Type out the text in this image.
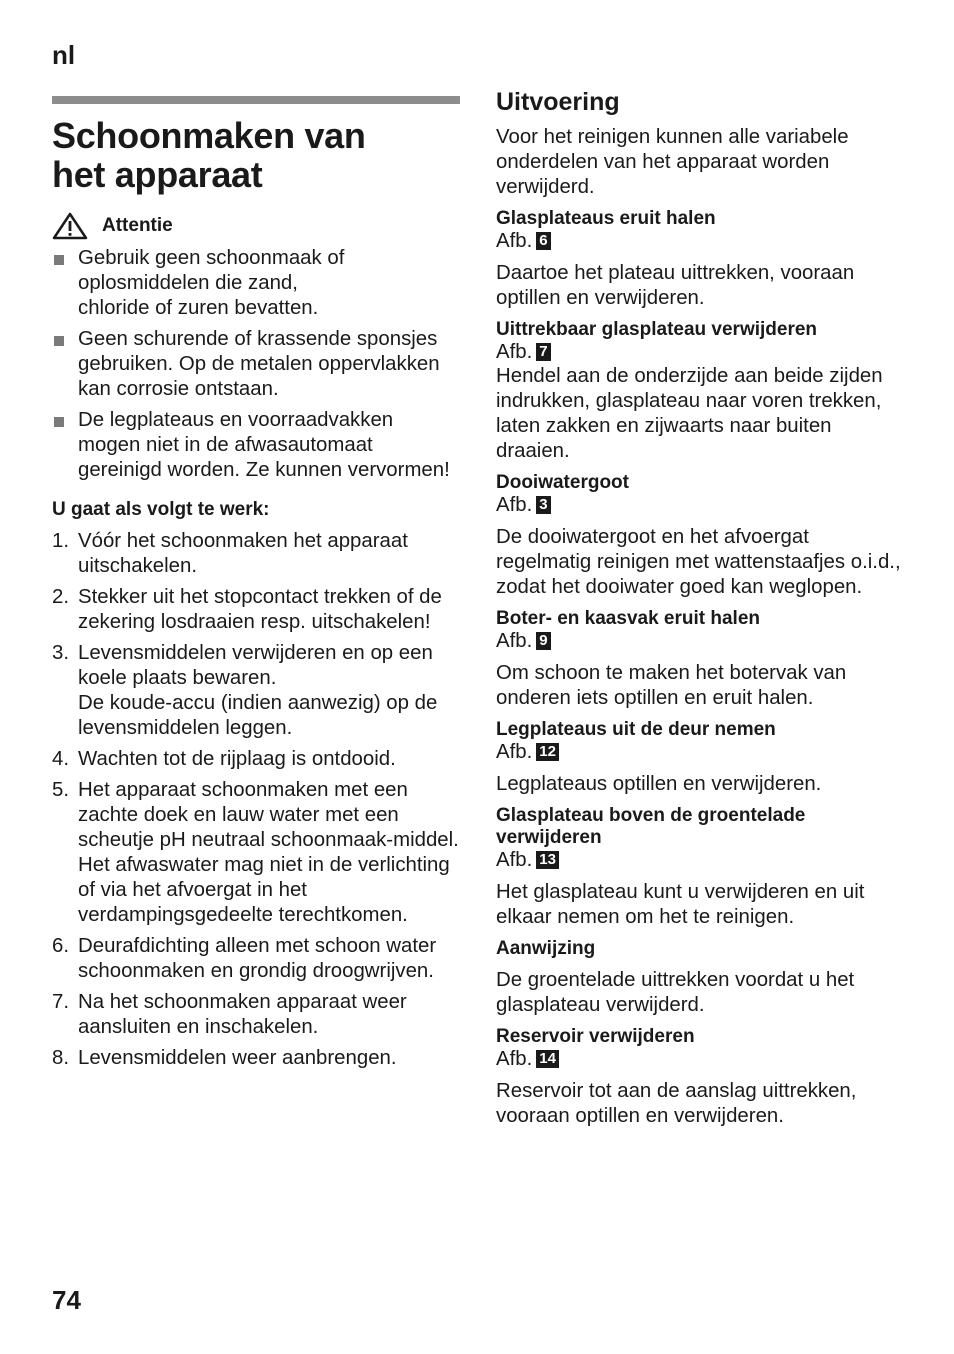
nl
Schoonmaken van
het apparaat
Attentie
Gebruik geen schoonmaak of
oplosmiddelen die zand,
chloride of zuren bevatten.
Geen schurende of krassende sponsjes gebruiken. Op de metalen oppervlakken kan corrosie ontstaan.
De legplateaus en voorraadvakken mogen niet in de afwasautomaat gereinigd worden. Ze kunnen vervormen!
U gaat als volgt te werk:
1. Vóór het schoonmaken het apparaat uitschakelen.
2. Stekker uit het stopcontact trekken of de zekering losdraaien resp. uitschakelen!
3. Levensmiddelen verwijderen en op een koele plaats bewaren.
De koude-accu (indien aanwezig) op de levensmiddelen leggen.
4. Wachten tot de rijplaag is ontdooid.
5. Het apparaat schoonmaken met een zachte doek en lauw water met een scheutje pH neutraal schoonmaak-middel. Het afwaswater mag niet in de verlichting of via het afvoergat in het verdampingsgedeelte terechtkomen.
6. Deurafdichting alleen met schoon water schoonmaken en grondig droogwrijven.
7. Na het schoonmaken apparaat weer aansluiten en inschakelen.
8. Levensmiddelen weer aanbrengen.
Uitvoering
Voor het reinigen kunnen alle variabele onderdelen van het apparaat worden verwijderd.
Glasplateaus eruit halen
Afb. 6
Daartoe het plateau uittrekken, vooraan optillen en verwijderen.
Uittrekbaar glasplateau verwijderen
Afb. 7
Hendel aan de onderzijde aan beide zijden indrukken, glasplateau naar voren trekken, laten zakken en zijwaarts naar buiten draaien.
Dooiwatergoot
Afb. 3
De dooiwatergoot en het afvoergat regelmatig reinigen met wattenstaafjes o.i.d., zodat het dooiwater goed kan weglopen.
Boter- en kaasvak eruit halen
Afb. 9
Om schoon te maken het botervak van onderen iets optillen en eruit halen.
Legplateaus uit de deur nemen
Afb. 12
Legplateaus optillen en verwijderen.
Glasplateau boven de groentelade verwijderen
Afb. 13
Het glasplateau kunt u verwijderen en uit elkaar nemen om het te reinigen.
Aanwijzing
De groentelade uittrekken voordat u het glasplateau verwijderd.
Reservoir verwijderen
Afb. 14
Reservoir tot aan de aanslag uittrekken, vooraan optillen en verwijderen.
74
